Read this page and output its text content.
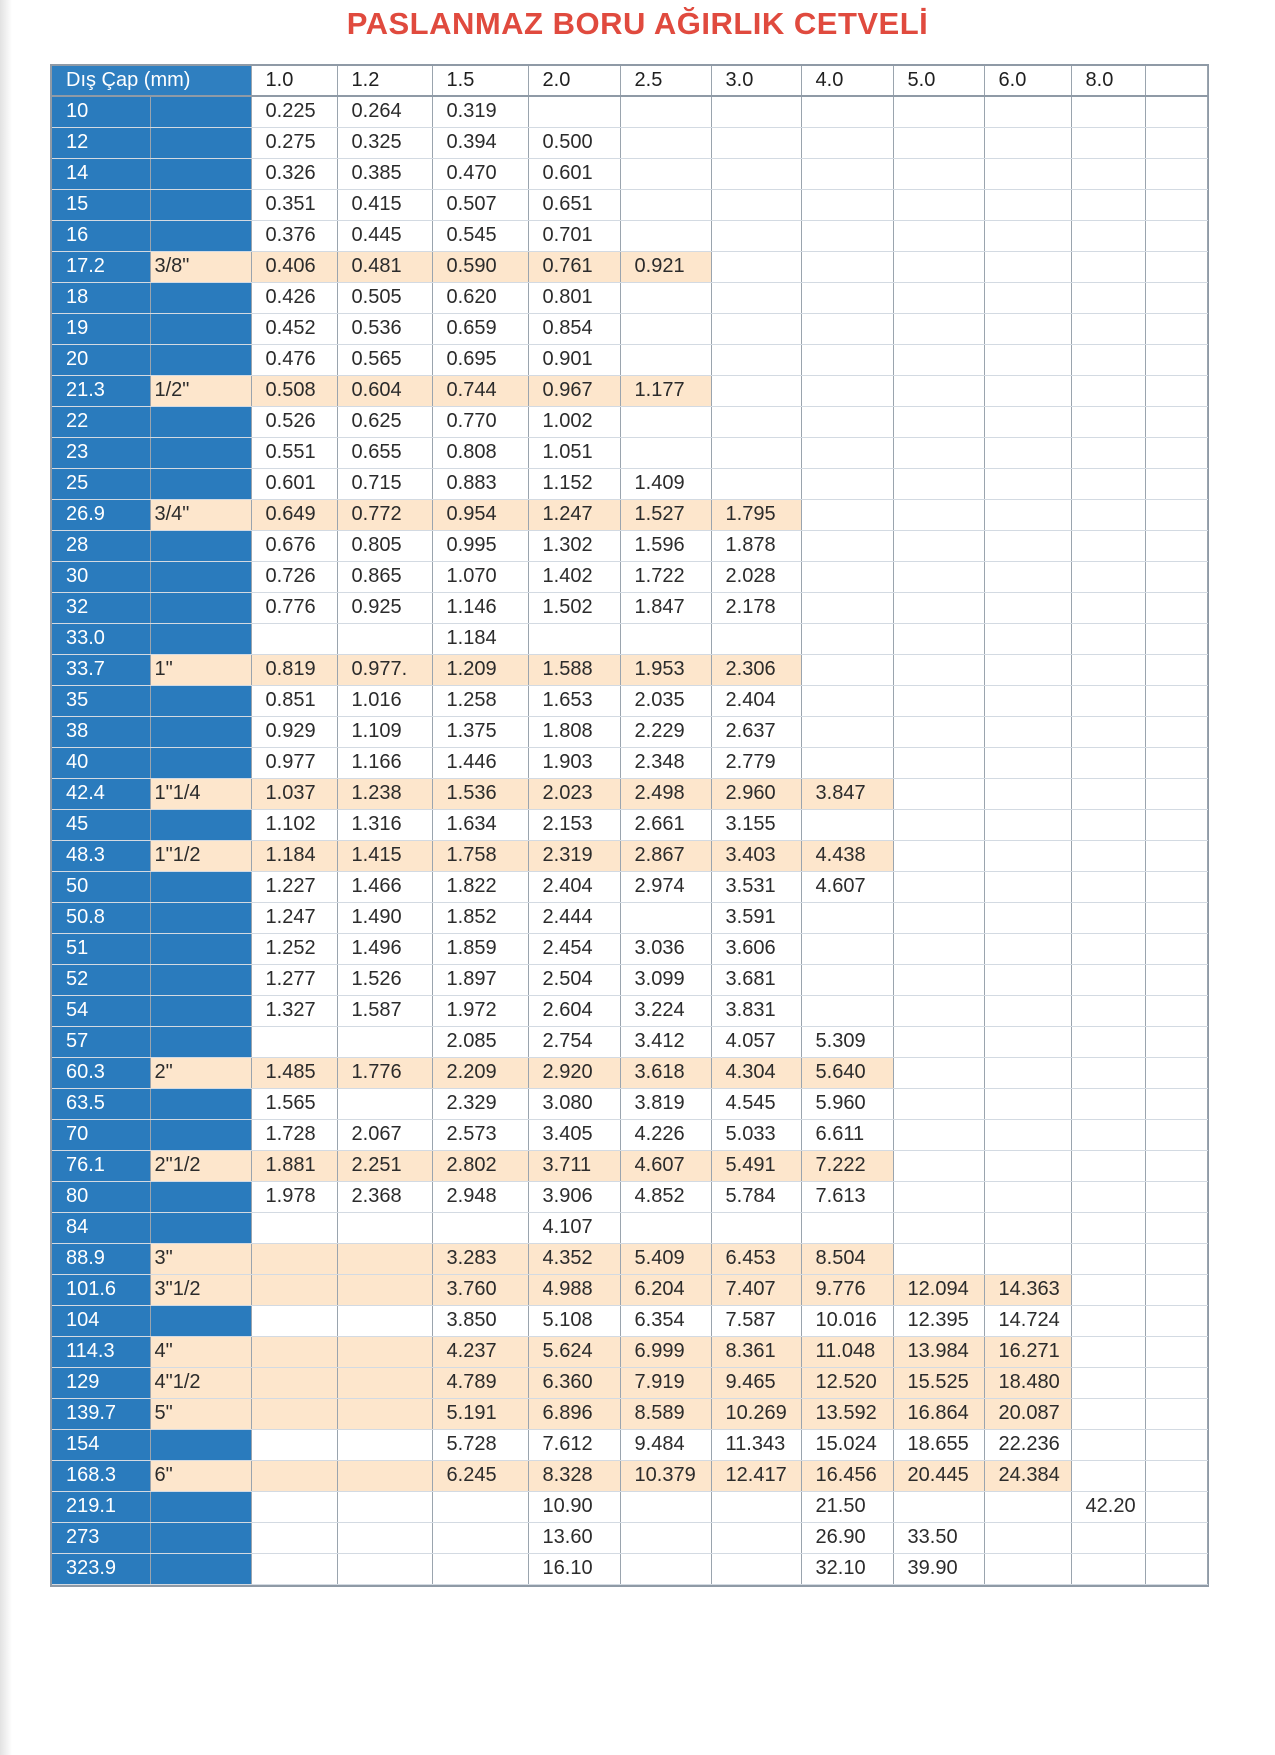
PASLANMAZ BORU AĞIRLIK CETVELİ
Dış Çap (mm)		1.0	1.2	1.5	2.0	2.5	3.0	4.0	5.0	6.0	8.0	
10		0.225	0.264	0.319								
12		0.275	0.325	0.394	0.500							
14		0.326	0.385	0.470	0.601							
15		0.351	0.415	0.507	0.651							
16		0.376	0.445	0.545	0.701							
17.2	3/8"	0.406	0.481	0.590	0.761	0.921						
18		0.426	0.505	0.620	0.801							
19		0.452	0.536	0.659	0.854							
20		0.476	0.565	0.695	0.901							
21.3	1/2"	0.508	0.604	0.744	0.967	1.177						
22		0.526	0.625	0.770	1.002							
23		0.551	0.655	0.808	1.051							
25		0.601	0.715	0.883	1.152	1.409						
26.9	3/4"	0.649	0.772	0.954	1.247	1.527	1.795					
28		0.676	0.805	0.995	1.302	1.596	1.878					
30		0.726	0.865	1.070	1.402	1.722	2.028					
32		0.776	0.925	1.146	1.502	1.847	2.178					
33.0				1.184								
33.7	1"	0.819	0.977.	1.209	1.588	1.953	2.306					
35		0.851	1.016	1.258	1.653	2.035	2.404					
38		0.929	1.109	1.375	1.808	2.229	2.637					
40		0.977	1.166	1.446	1.903	2.348	2.779					
42.4	1"1/4	1.037	1.238	1.536	2.023	2.498	2.960	3.847				
45		1.102	1.316	1.634	2.153	2.661	3.155					
48.3	1"1/2	1.184	1.415	1.758	2.319	2.867	3.403	4.438				
50		1.227	1.466	1.822	2.404	2.974	3.531	4.607				
50.8		1.247	1.490	1.852	2.444		3.591					
51		1.252	1.496	1.859	2.454	3.036	3.606					
52		1.277	1.526	1.897	2.504	3.099	3.681					
54		1.327	1.587	1.972	2.604	3.224	3.831					
57				2.085	2.754	3.412	4.057	5.309				
60.3	2"	1.485	1.776	2.209	2.920	3.618	4.304	5.640				
63.5		1.565		2.329	3.080	3.819	4.545	5.960				
70		1.728	2.067	2.573	3.405	4.226	5.033	6.611				
76.1	2"1/2	1.881	2.251	2.802	3.711	4.607	5.491	7.222				
80		1.978	2.368	2.948	3.906	4.852	5.784	7.613				
84					4.107							
88.9	3"			3.283	4.352	5.409	6.453	8.504				
101.6	3"1/2			3.760	4.988	6.204	7.407	9.776	12.094	14.363		
104				3.850	5.108	6.354	7.587	10.016	12.395	14.724		
114.3	4"			4.237	5.624	6.999	8.361	11.048	13.984	16.271		
129	4"1/2			4.789	6.360	7.919	9.465	12.520	15.525	18.480		
139.7	5"			5.191	6.896	8.589	10.269	13.592	16.864	20.087		
154				5.728	7.612	9.484	11.343	15.024	18.655	22.236		
168.3	6"			6.245	8.328	10.379	12.417	16.456	20.445	24.384		
219.1					10.90			21.50			42.20	
273					13.60			26.90	33.50			
323.9					16.10			32.10	39.90			
